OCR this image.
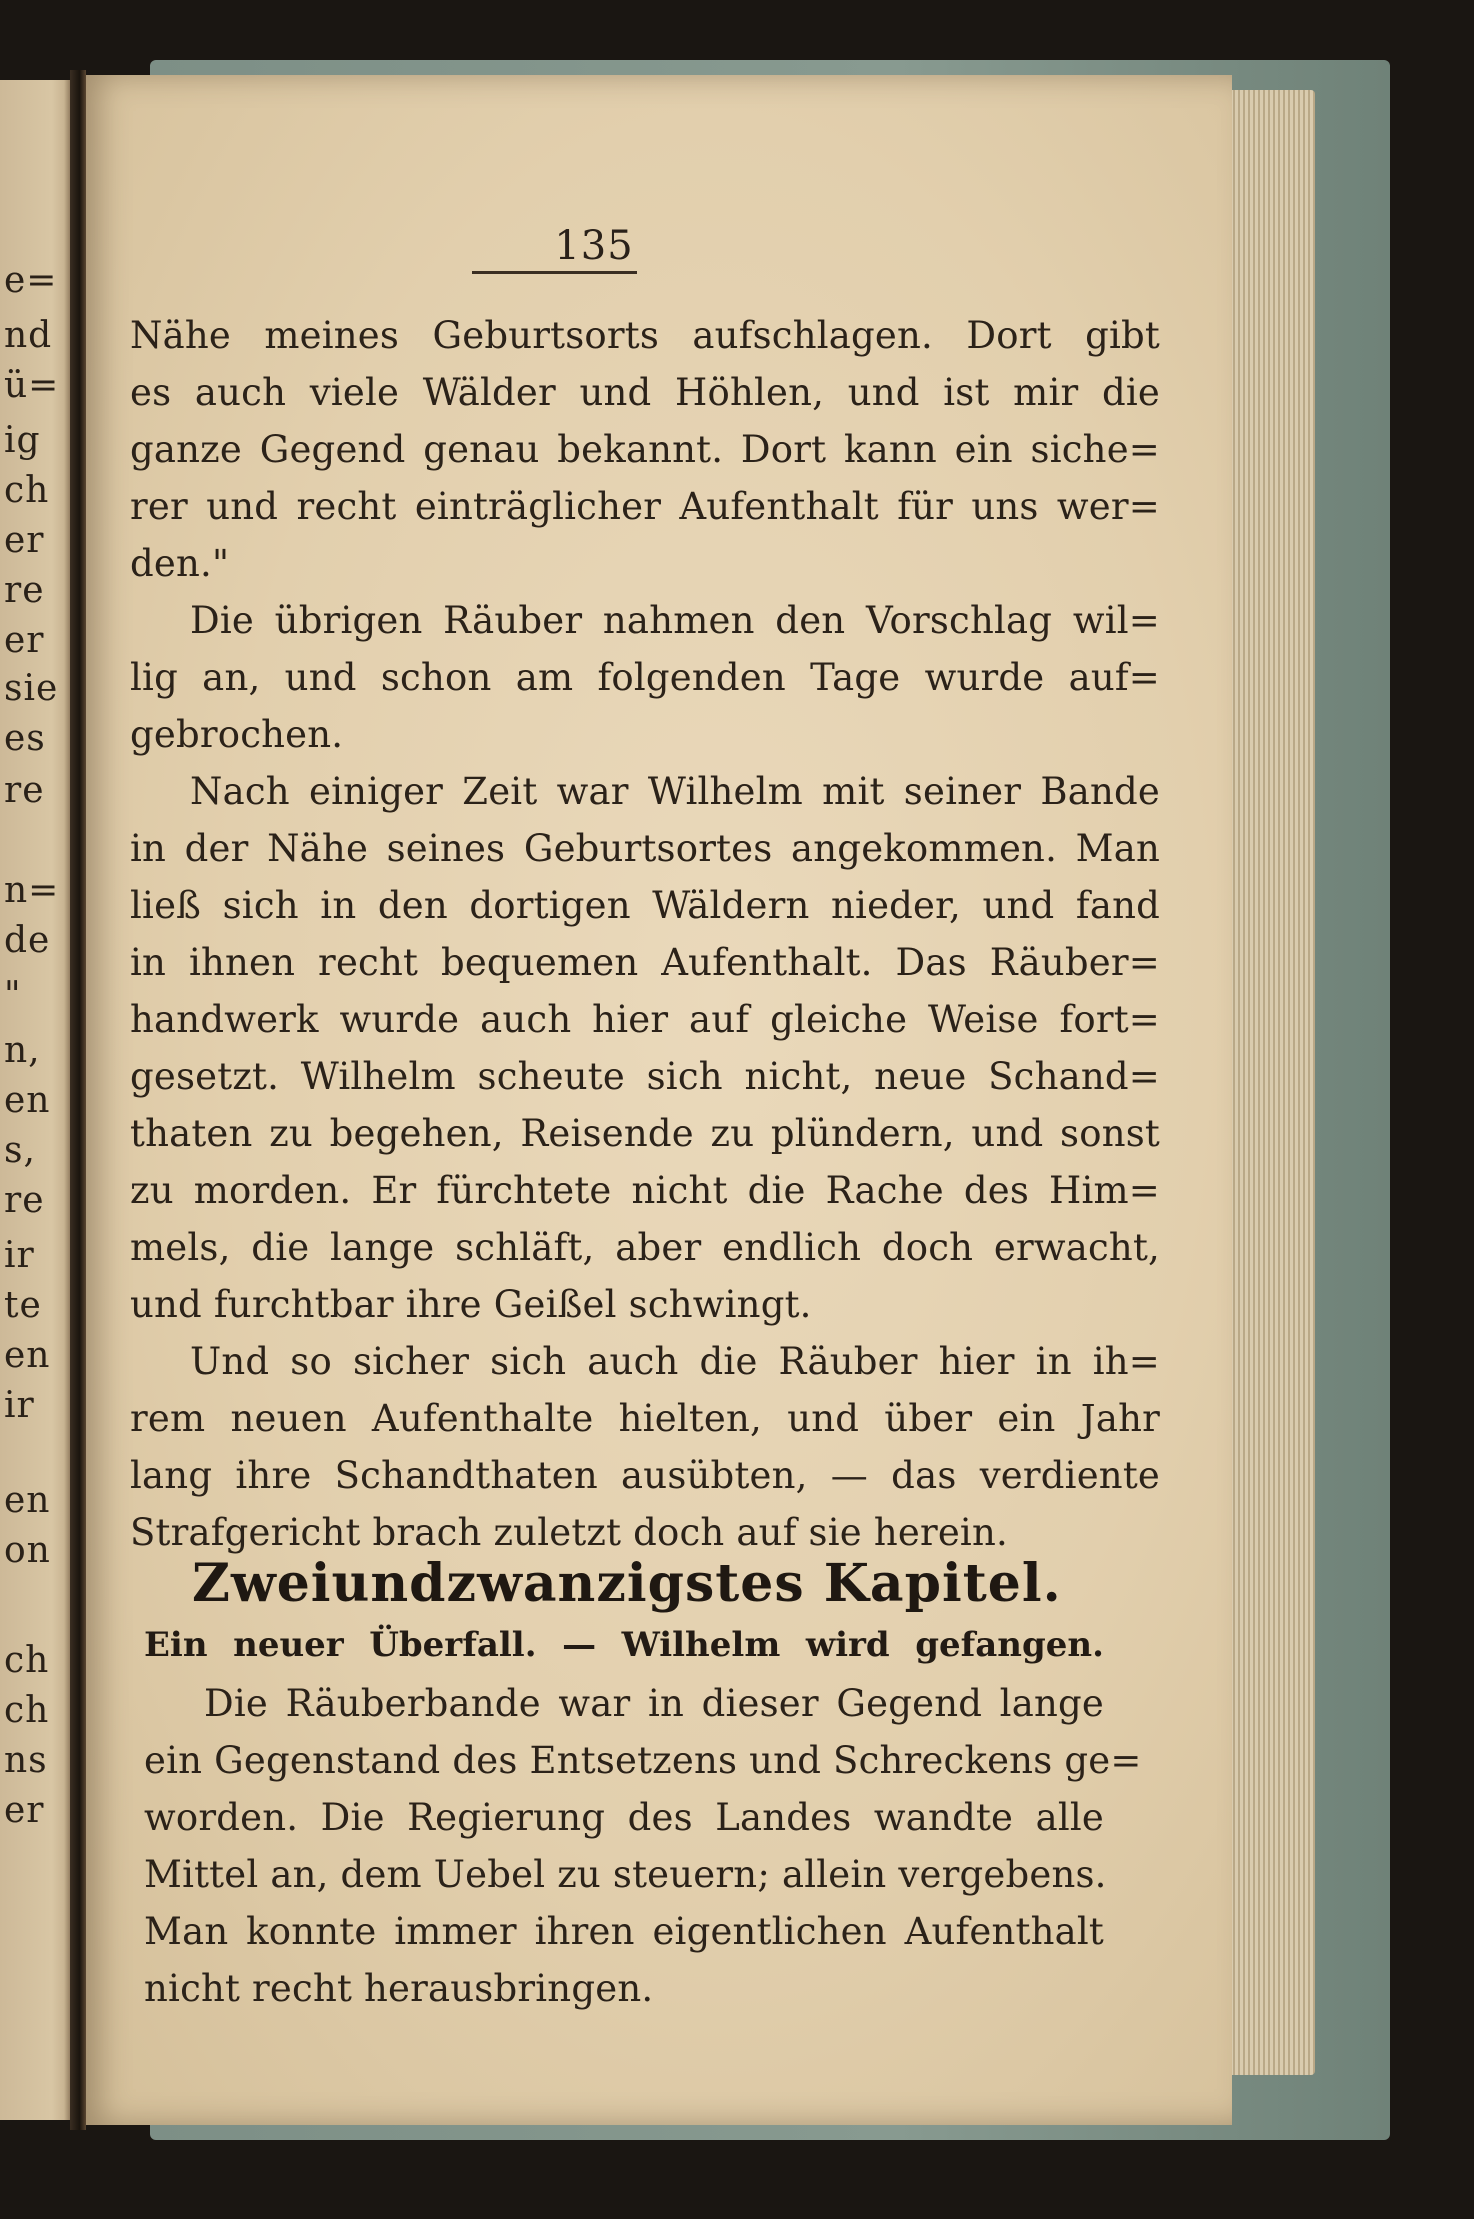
e=
nd
ü=
ig
ch
er
re
er
sie
es
re
n=
de
"
n,
en
s,
re
ir
te
en
ir
en
on
ch
ch
ns
er
135
Nähe meines Geburtsorts aufschlagen. Dort gibt
es auch viele Wälder und Höhlen, und ist mir die
ganze Gegend genau bekannt. Dort kann ein siche=
rer und recht einträglicher Aufenthalt für uns wer=
den."
Die übrigen Räuber nahmen den Vorschlag wil=
lig an, und schon am folgenden Tage wurde auf=
gebrochen.
Nach einiger Zeit war Wilhelm mit seiner Bande
in der Nähe seines Geburtsortes angekommen. Man
ließ sich in den dortigen Wäldern nieder, und fand
in ihnen recht bequemen Aufenthalt. Das Räuber=
handwerk wurde auch hier auf gleiche Weise fort=
gesetzt. Wilhelm scheute sich nicht, neue Schand=
thaten zu begehen, Reisende zu plündern, und sonst
zu morden. Er fürchtete nicht die Rache des Him=
mels, die lange schläft, aber endlich doch erwacht,
und furchtbar ihre Geißel schwingt.
Und so sicher sich auch die Räuber hier in ih=
rem neuen Aufenthalte hielten, und über ein Jahr
lang ihre Schandthaten ausübten, — das verdiente
Strafgericht brach zuletzt doch auf sie herein.
Zweiundzwanzigstes Kapitel.
Ein neuer Überfall. — Wilhelm wird gefangen.
Die Räuberbande war in dieser Gegend lange
ein Gegenstand des Entsetzens und Schreckens ge=
worden. Die Regierung des Landes wandte alle
Mittel an, dem Uebel zu steuern; allein vergebens.
Man konnte immer ihren eigentlichen Aufenthalt
nicht recht herausbringen.
